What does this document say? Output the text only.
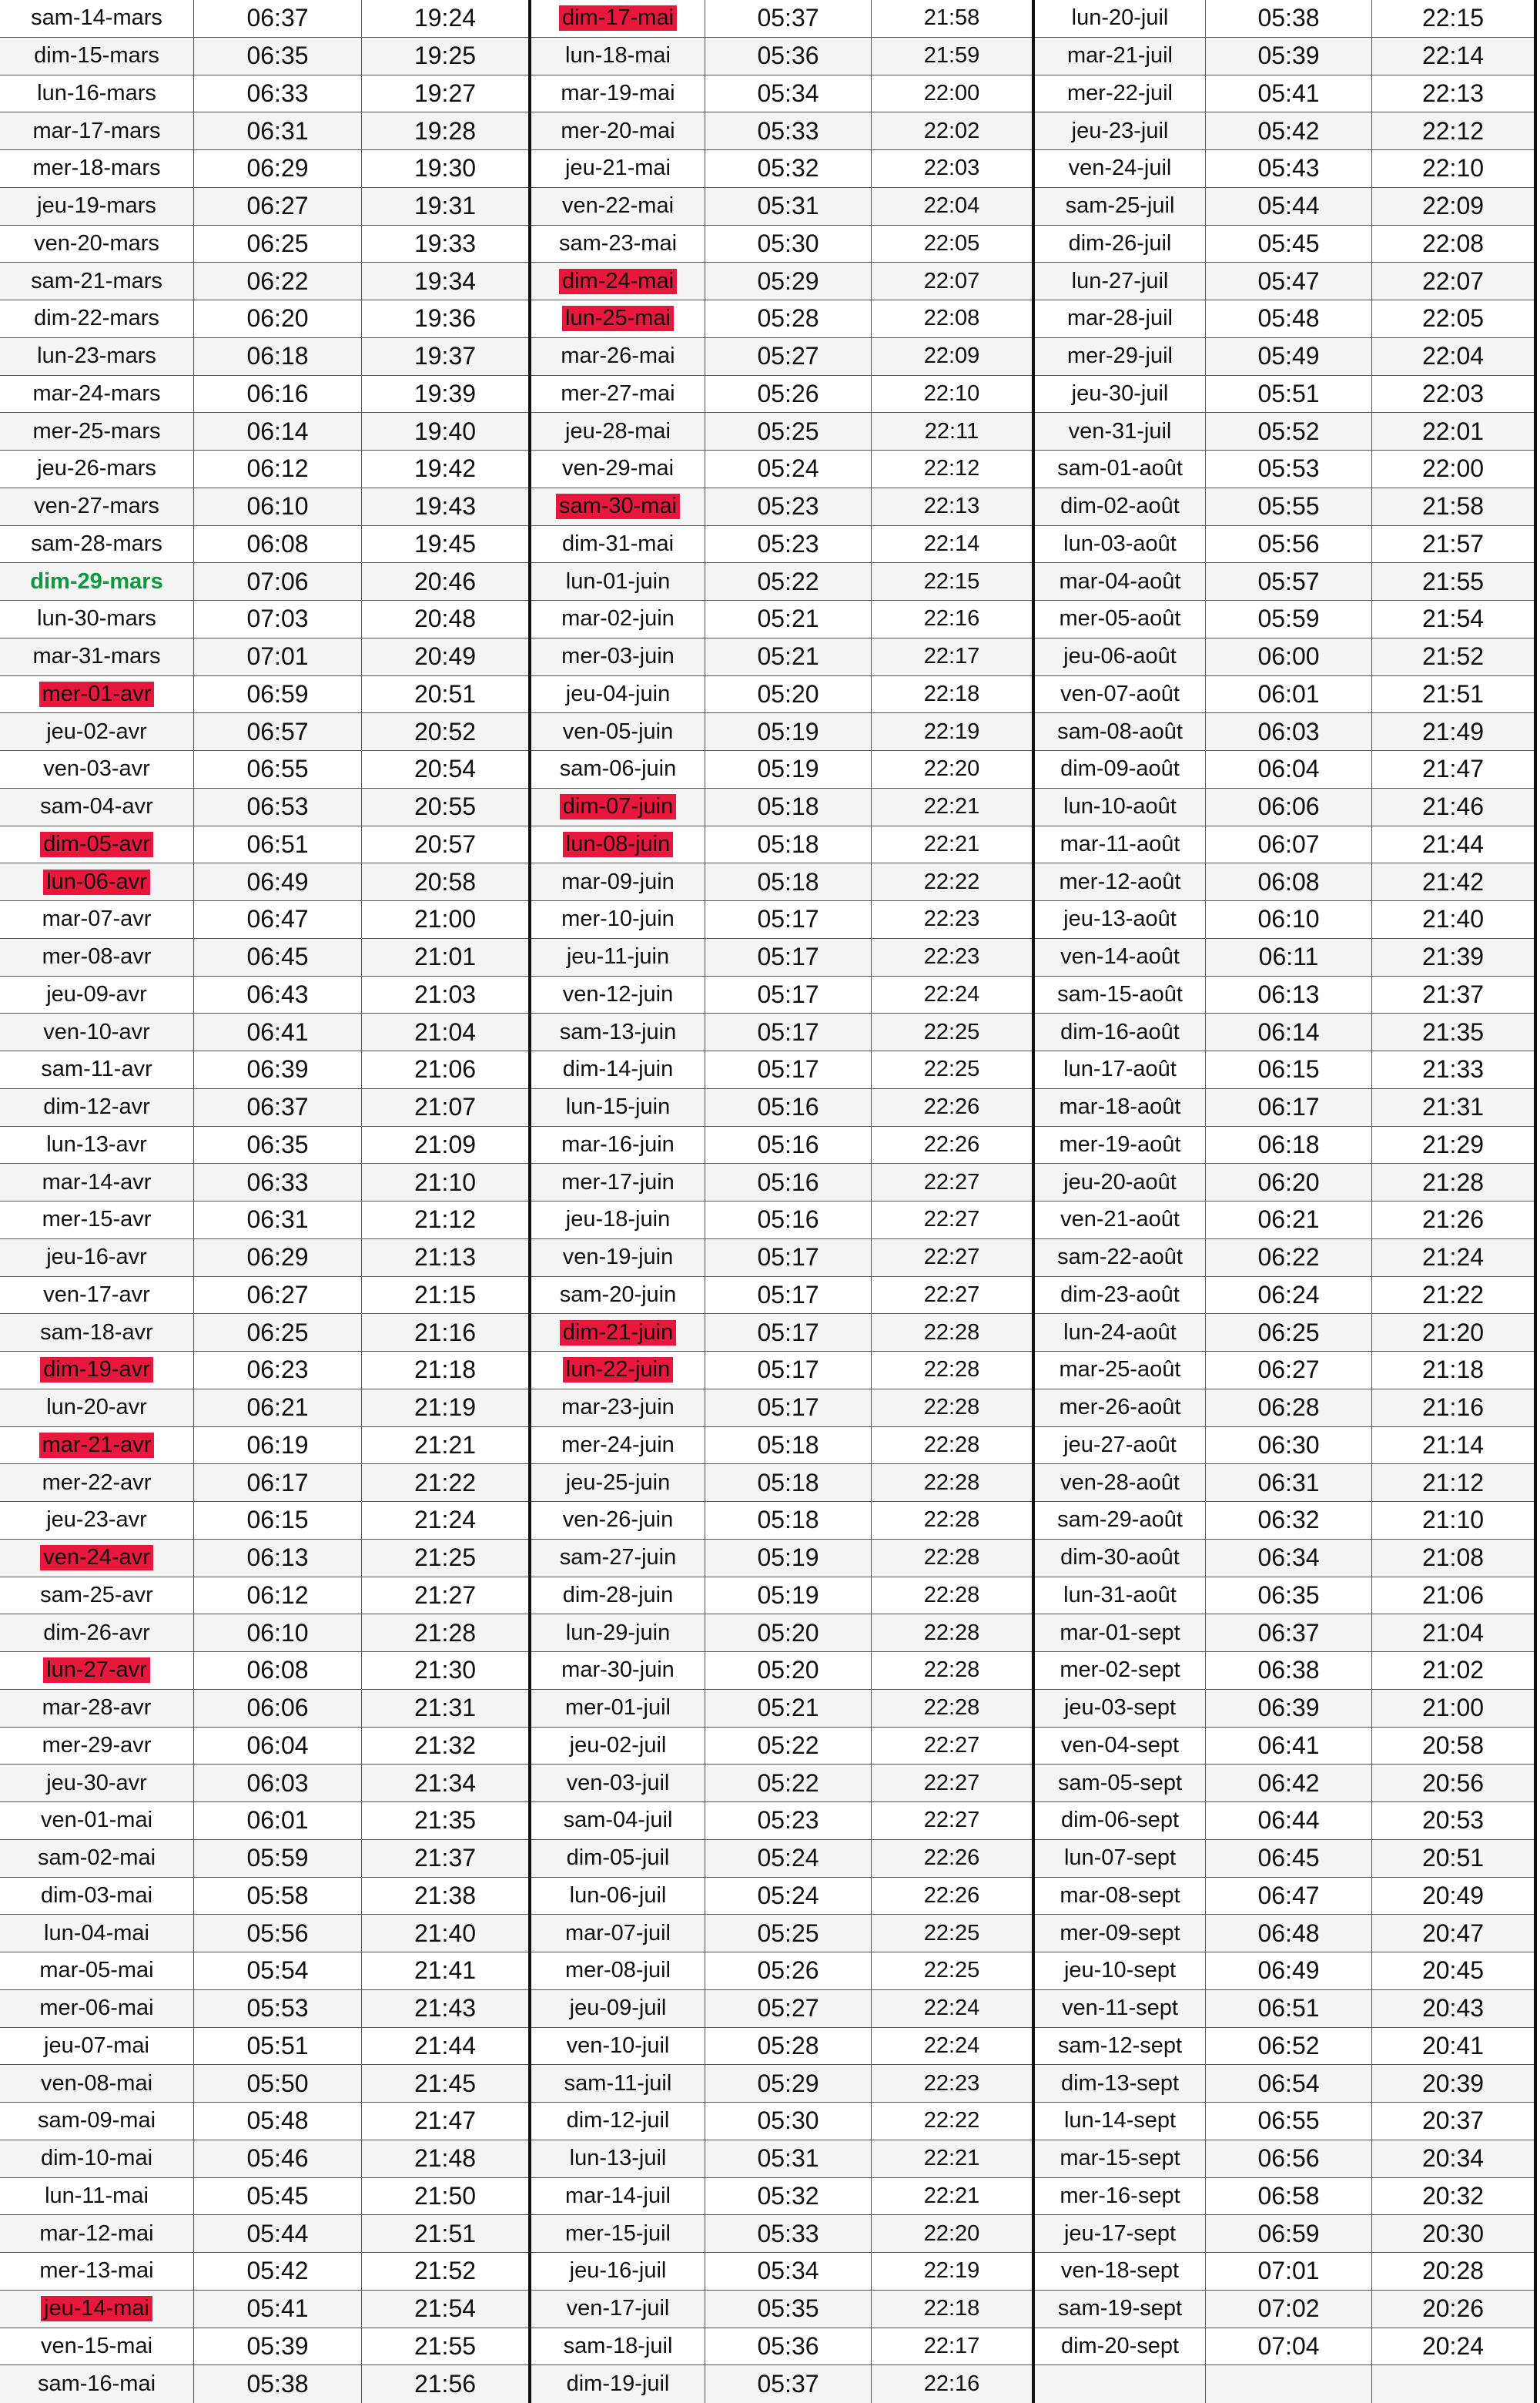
sam-14-mars	06:37	19:24
dim-15-mars	06:35	19:25
lun-16-mars	06:33	19:27
mar-17-mars	06:31	19:28
mer-18-mars	06:29	19:30
jeu-19-mars	06:27	19:31
ven-20-mars	06:25	19:33
sam-21-mars	06:22	19:34
dim-22-mars	06:20	19:36
lun-23-mars	06:18	19:37
mar-24-mars	06:16	19:39
mer-25-mars	06:14	19:40
jeu-26-mars	06:12	19:42
ven-27-mars	06:10	19:43
sam-28-mars	06:08	19:45
dim-29-mars	07:06	20:46
lun-30-mars	07:03	20:48
mar-31-mars	07:01	20:49
mer-01-avr	06:59	20:51
jeu-02-avr	06:57	20:52
ven-03-avr	06:55	20:54
sam-04-avr	06:53	20:55
dim-05-avr	06:51	20:57
lun-06-avr	06:49	20:58
mar-07-avr	06:47	21:00
mer-08-avr	06:45	21:01
jeu-09-avr	06:43	21:03
ven-10-avr	06:41	21:04
sam-11-avr	06:39	21:06
dim-12-avr	06:37	21:07
lun-13-avr	06:35	21:09
mar-14-avr	06:33	21:10
mer-15-avr	06:31	21:12
jeu-16-avr	06:29	21:13
ven-17-avr	06:27	21:15
sam-18-avr	06:25	21:16
dim-19-avr	06:23	21:18
lun-20-avr	06:21	21:19
mar-21-avr	06:19	21:21
mer-22-avr	06:17	21:22
jeu-23-avr	06:15	21:24
ven-24-avr	06:13	21:25
sam-25-avr	06:12	21:27
dim-26-avr	06:10	21:28
lun-27-avr	06:08	21:30
mar-28-avr	06:06	21:31
mer-29-avr	06:04	21:32
jeu-30-avr	06:03	21:34
ven-01-mai	06:01	21:35
sam-02-mai	05:59	21:37
dim-03-mai	05:58	21:38
lun-04-mai	05:56	21:40
mar-05-mai	05:54	21:41
mer-06-mai	05:53	21:43
jeu-07-mai	05:51	21:44
ven-08-mai	05:50	21:45
sam-09-mai	05:48	21:47
dim-10-mai	05:46	21:48
lun-11-mai	05:45	21:50
mar-12-mai	05:44	21:51
mer-13-mai	05:42	21:52
jeu-14-mai	05:41	21:54
ven-15-mai	05:39	21:55
sam-16-mai	05:38	21:56
dim-17-mai	05:37	21:58
lun-18-mai	05:36	21:59
mar-19-mai	05:34	22:00
mer-20-mai	05:33	22:02
jeu-21-mai	05:32	22:03
ven-22-mai	05:31	22:04
sam-23-mai	05:30	22:05
dim-24-mai	05:29	22:07
lun-25-mai	05:28	22:08
mar-26-mai	05:27	22:09
mer-27-mai	05:26	22:10
jeu-28-mai	05:25	22:11
ven-29-mai	05:24	22:12
sam-30-mai	05:23	22:13
dim-31-mai	05:23	22:14
lun-01-juin	05:22	22:15
mar-02-juin	05:21	22:16
mer-03-juin	05:21	22:17
jeu-04-juin	05:20	22:18
ven-05-juin	05:19	22:19
sam-06-juin	05:19	22:20
dim-07-juin	05:18	22:21
lun-08-juin	05:18	22:21
mar-09-juin	05:18	22:22
mer-10-juin	05:17	22:23
jeu-11-juin	05:17	22:23
ven-12-juin	05:17	22:24
sam-13-juin	05:17	22:25
dim-14-juin	05:17	22:25
lun-15-juin	05:16	22:26
mar-16-juin	05:16	22:26
mer-17-juin	05:16	22:27
jeu-18-juin	05:16	22:27
ven-19-juin	05:17	22:27
sam-20-juin	05:17	22:27
dim-21-juin	05:17	22:28
lun-22-juin	05:17	22:28
mar-23-juin	05:17	22:28
mer-24-juin	05:18	22:28
jeu-25-juin	05:18	22:28
ven-26-juin	05:18	22:28
sam-27-juin	05:19	22:28
dim-28-juin	05:19	22:28
lun-29-juin	05:20	22:28
mar-30-juin	05:20	22:28
mer-01-juil	05:21	22:28
jeu-02-juil	05:22	22:27
ven-03-juil	05:22	22:27
sam-04-juil	05:23	22:27
dim-05-juil	05:24	22:26
lun-06-juil	05:24	22:26
mar-07-juil	05:25	22:25
mer-08-juil	05:26	22:25
jeu-09-juil	05:27	22:24
ven-10-juil	05:28	22:24
sam-11-juil	05:29	22:23
dim-12-juil	05:30	22:22
lun-13-juil	05:31	22:21
mar-14-juil	05:32	22:21
mer-15-juil	05:33	22:20
jeu-16-juil	05:34	22:19
ven-17-juil	05:35	22:18
sam-18-juil	05:36	22:17
dim-19-juil	05:37	22:16
lun-20-juil	05:38	22:15
mar-21-juil	05:39	22:14
mer-22-juil	05:41	22:13
jeu-23-juil	05:42	22:12
ven-24-juil	05:43	22:10
sam-25-juil	05:44	22:09
dim-26-juil	05:45	22:08
lun-27-juil	05:47	22:07
mar-28-juil	05:48	22:05
mer-29-juil	05:49	22:04
jeu-30-juil	05:51	22:03
ven-31-juil	05:52	22:01
sam-01-août	05:53	22:00
dim-02-août	05:55	21:58
lun-03-août	05:56	21:57
mar-04-août	05:57	21:55
mer-05-août	05:59	21:54
jeu-06-août	06:00	21:52
ven-07-août	06:01	21:51
sam-08-août	06:03	21:49
dim-09-août	06:04	21:47
lun-10-août	06:06	21:46
mar-11-août	06:07	21:44
mer-12-août	06:08	21:42
jeu-13-août	06:10	21:40
ven-14-août	06:11	21:39
sam-15-août	06:13	21:37
dim-16-août	06:14	21:35
lun-17-août	06:15	21:33
mar-18-août	06:17	21:31
mer-19-août	06:18	21:29
jeu-20-août	06:20	21:28
ven-21-août	06:21	21:26
sam-22-août	06:22	21:24
dim-23-août	06:24	21:22
lun-24-août	06:25	21:20
mar-25-août	06:27	21:18
mer-26-août	06:28	21:16
jeu-27-août	06:30	21:14
ven-28-août	06:31	21:12
sam-29-août	06:32	21:10
dim-30-août	06:34	21:08
lun-31-août	06:35	21:06
mar-01-sept	06:37	21:04
mer-02-sept	06:38	21:02
jeu-03-sept	06:39	21:00
ven-04-sept	06:41	20:58
sam-05-sept	06:42	20:56
dim-06-sept	06:44	20:53
lun-07-sept	06:45	20:51
mar-08-sept	06:47	20:49
mer-09-sept	06:48	20:47
jeu-10-sept	06:49	20:45
ven-11-sept	06:51	20:43
sam-12-sept	06:52	20:41
dim-13-sept	06:54	20:39
lun-14-sept	06:55	20:37
mar-15-sept	06:56	20:34
mer-16-sept	06:58	20:32
jeu-17-sept	06:59	20:30
ven-18-sept	07:01	20:28
sam-19-sept	07:02	20:26
dim-20-sept	07:04	20:24
